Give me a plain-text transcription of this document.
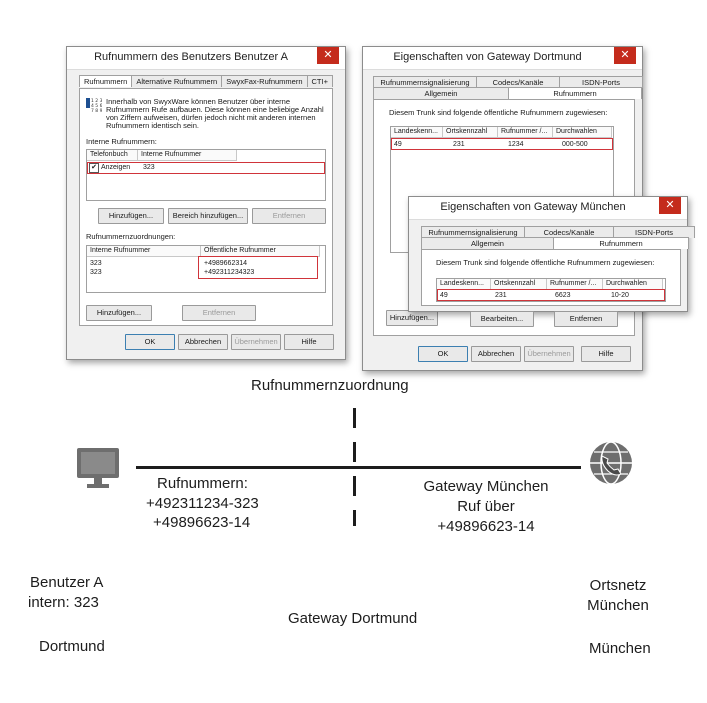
Rufnummern des Benutzers Benutzer A	✕
Rufnummern	Alternative Rufnummern	SwyxFax-Rufnummern	CTI+
1 2 3
4 5 6
7 8 9
Innerhalb von SwyxWare können Benutzer über interne
Rufnummern Rufe aufbauen. Diese können eine beliebige Anzahl
von Ziffern aufweisen, dürfen jedoch nicht mit anderen internen
Rufnummern identisch sein.
Interne Rufnummern:
Telefonbuch	Interne Rufnummer
✔ Anzeigen 323
Hinzufügen...	Bereich hinzufügen...	Entfernen
Rufnummernzuordnungen:
Interne Rufnummer	Öffentliche Rufnummer
323	+4989662314
323	+492311234323
Hinzufügen...	Entfernen
OK	Abbrechen	Übernehmen	Hilfe
Eigenschaften von Gateway Dortmund	✕
Rufnummernsignalisierung	Codecs/Kanäle	ISDN-Ports
Allgemein	Rufnummern
Diesem Trunk sind folgende öffentliche Rufnummern zugewiesen:
Landeskenn...	Ortskennzahl	Rufnummer /...	Durchwahlen
49	231	1234	000-500
Hinzufügen...
OK	Abbrechen	Übernehmen	Hilfe
Eigenschaften von Gateway München	✕
Rufnummernsignalisierung	Codecs/Kanäle	ISDN-Ports
Allgemein	Rufnummern
Diesem Trunk sind folgende öffentliche Rufnummern zugewiesen:
Landeskenn...	Ortskennzahl	Rufnummer /...	Durchwahlen
49	231	6623	10-20
Bearbeiten...	Entfernen
Rufnummernzuordnung
Rufnummern:
+492311234-323
+49896623-14
Gateway München
Ruf über
+49896623-14
Benutzer A
intern: 323
Dortmund
Gateway Dortmund
Ortsnetz
München
München
